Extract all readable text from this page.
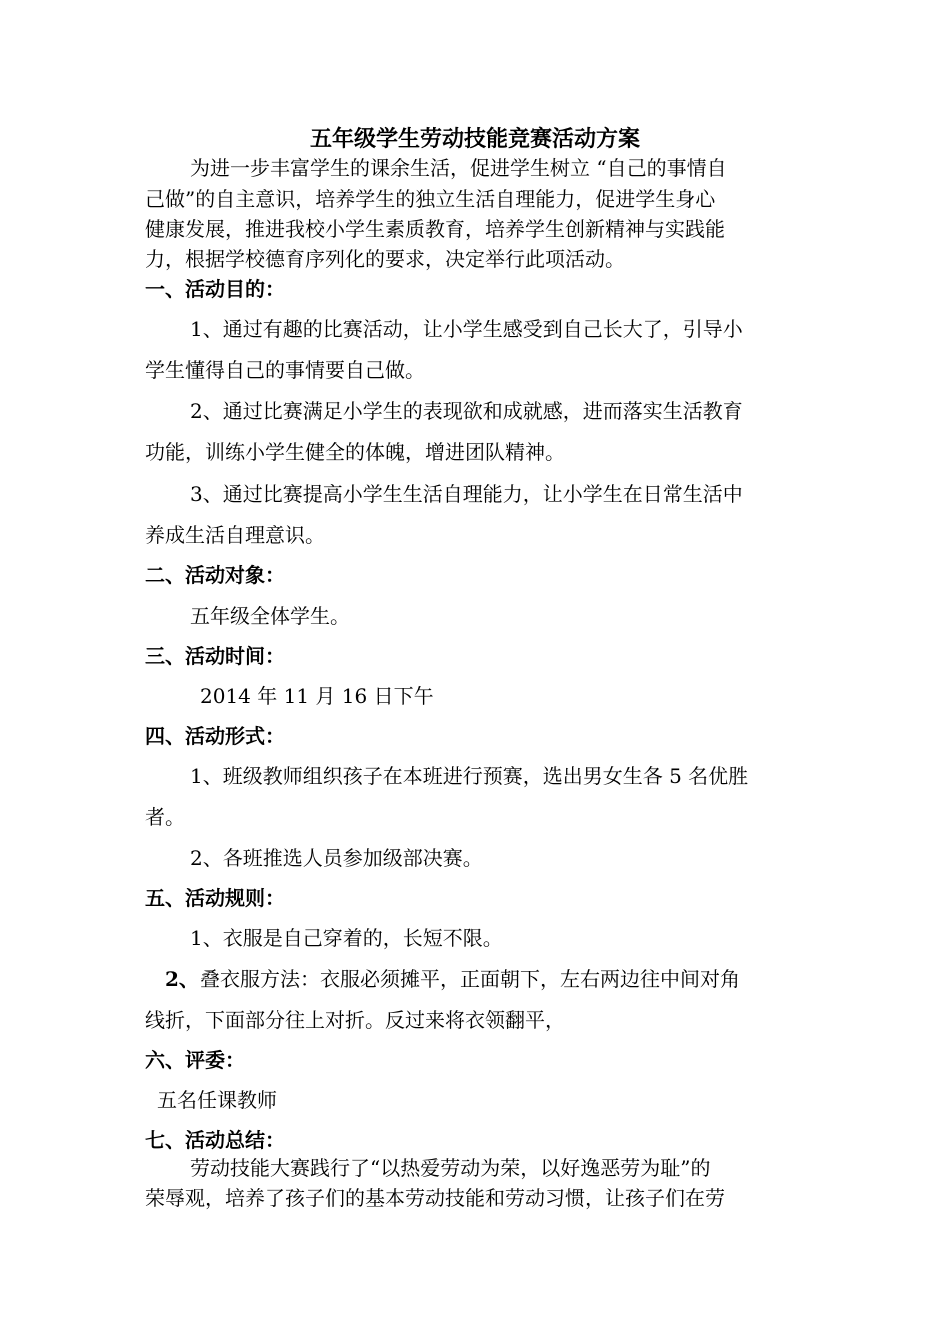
五年级学生劳动技能竞赛活动方案
为进一步丰富学生的课余生活，促进学生树立 “自己的事情自
己做”的自主意识，培养学生的独立生活自理能力，促进学生身心
健康发展，推进我校小学生素质教育，培养学生创新精神与实践能
力，根据学校德育序列化的要求，决定举行此项活动。
一、活动目的：
1、通过有趣的比赛活动，让小学生感受到自己长大了，引导小
学生懂得自己的事情要自己做。
2、通过比赛满足小学生的表现欲和成就感，进而落实生活教育
功能，训练小学生健全的体魄，增进团队精神。
3、通过比赛提高小学生生活自理能力，让小学生在日常生活中
养成生活自理意识。
二、活动对象：
五年级全体学生。
三、活动时间：
2014 年 11 月 16 日下午
四、活动形式：
1、班级教师组织孩子在本班进行预赛，选出男女生各 5 名优胜
者。
2、各班推选人员参加级部决赛。
五、活动规则：
1、衣服是自己穿着的，长短不限。
2、 叠衣服方法：衣服必须摊平，正面朝下，左右两边往中间对角
线折，下面部分往上对折。反过来将衣领翻平，
六、评委：
五名任课教师
七、活动总结：
劳动技能大赛践行了“以热爱劳动为荣，以好逸恶劳为耻”的
荣辱观，培养了孩子们的基本劳动技能和劳动习惯，让孩子们在劳
